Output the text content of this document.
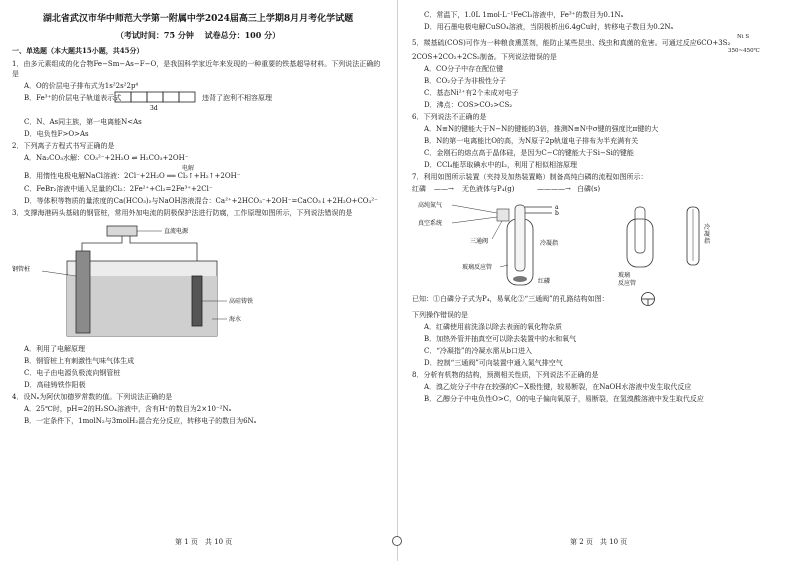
湖北省武汉市华中师范大学第一附属中学2024届高三上学期8月月考化学试题
（考试时间：75 分钟　 试卷总分：100 分）
一、单选题（本大题共15小题，共45分）
1．由多元素组成的化合物Fe−Sm−As−F−O，是我国科学家近年来发现的一种重要的铁基超导材料。下列说法正确的是
A．O的价层电子排布式为1s²2s²2p⁴
B．Fe³⁺的价层电子轨道表示式
3d
违背了泡利不相容原理
C．N、As同主族，第一电离能N<As
D．电负性F>O>As
2．下列离子方程式书写正确的是
A．Na₂CO₃水解：CO₃²⁻+2H₂O ⇌ H₂CO₃+2OH⁻
电解
B．用惰性电极电解NaCl溶液：2Cl⁻+2H₂O ══ Cl₂↑+H₂↑+2OH⁻
C．FeBr₂溶液中通入足量的Cl₂：2Fe²⁺+Cl₂=2Fe³⁺+2Cl⁻
D．等体积等物质的量浓度的Ca(HCO₃)₂与NaOH溶液混合：Ca²⁺+2HCO₃⁻+2OH⁻=CaCO₃↓+2H₂O+CO₃²⁻
3．支撑海港码头基础的钢管桩，常用外加电流的阴极保护法进行防腐，工作原理如图所示，下列说法错误的是
直流电源
钢管桩
高硅铸铁
海水
A．利用了电解原理
B．钢管桩上有刺激性气味气体生成
C．电子由电源负极流向钢管桩
D．高硅铸铁作阳极
4．设Nₐ为阿伏加德罗常数的值。下列说法正确的是
A．25℃时，pH=2的H₂SO₄溶液中，含有H⁺的数目为2×10⁻²Nₐ
B．一定条件下，1molN₂与3molH₂混合充分反应，转移电子的数目为6Nₐ
C．常温下，1.0L 1mol·L⁻¹FeCl₃溶液中，Fe³⁺的数目为0.1Nₐ
D．用石墨电极电解CuSO₄溶液，当阴极析出6.4gCu时，转移电子数目为0.2Nₐ
5．羰基硫(COS)可作为一种粮食熏蒸剂，能防止某些昆虫、线虫和真菌的危害。可通过反应6CO+3S₂
Ni S
350~450℃
2COS+2CO₂+2CS₂制备。下列说法错误的是
A．CO分子中存在配位键
B．CO₂分子为非极性分子
C．基态Ni²⁺有2个未成对电子
D．沸点：COS>CO₂>CS₂
6．下列说法不正确的是
A．N≡N的键能大于N−N的键能的3倍，推测N≡N中σ键的强度比π键的大
B．N的第一电离能比O的高，为N原子2p轨道电子排布为半充满有关
C．金刚石的熔点高于晶体硅，是因为C−C的键能大于Si−Si的键能
D．CCl₄能萃取碘水中的I₂，利用了相似相溶原理
7．利用如图所示装置（夹持及加热装置略）制备高纯白磷的流程如图所示：
红磷 ——→ 无色液体与P₄(g)	————→ 白磷(s)
高纯氮气
真空系统
三通阀
a
b
冷凝指
玻璃反应管
红磷
玻璃 反应管
冷 凝 指
已知：①白磷分子式为P₄，易氧化②“三通阀”的孔路结构如图：
下列操作错误的是
A．红磷使用前洗涤以除去表面的氧化物杂质
B．加热外管并抽真空可以除去装置中的水和氧气
C．“冷凝指”的冷凝水需从b口进入
D．控制“三通阀”可向装置中通入氮气排空气
8．分析有机物的结构，预测相关性质，下列说法不正确的是
A．溴乙烷分子中存在较强的C−X极性键，较易断裂，在NaOH水溶液中发生取代反应
B．乙醇分子中电负性O>C，O的电子偏向氧原子，易断裂，在氢溴酸溶液中发生取代反应
第 1 页　共 10 页	第 2 页　共 10 页
